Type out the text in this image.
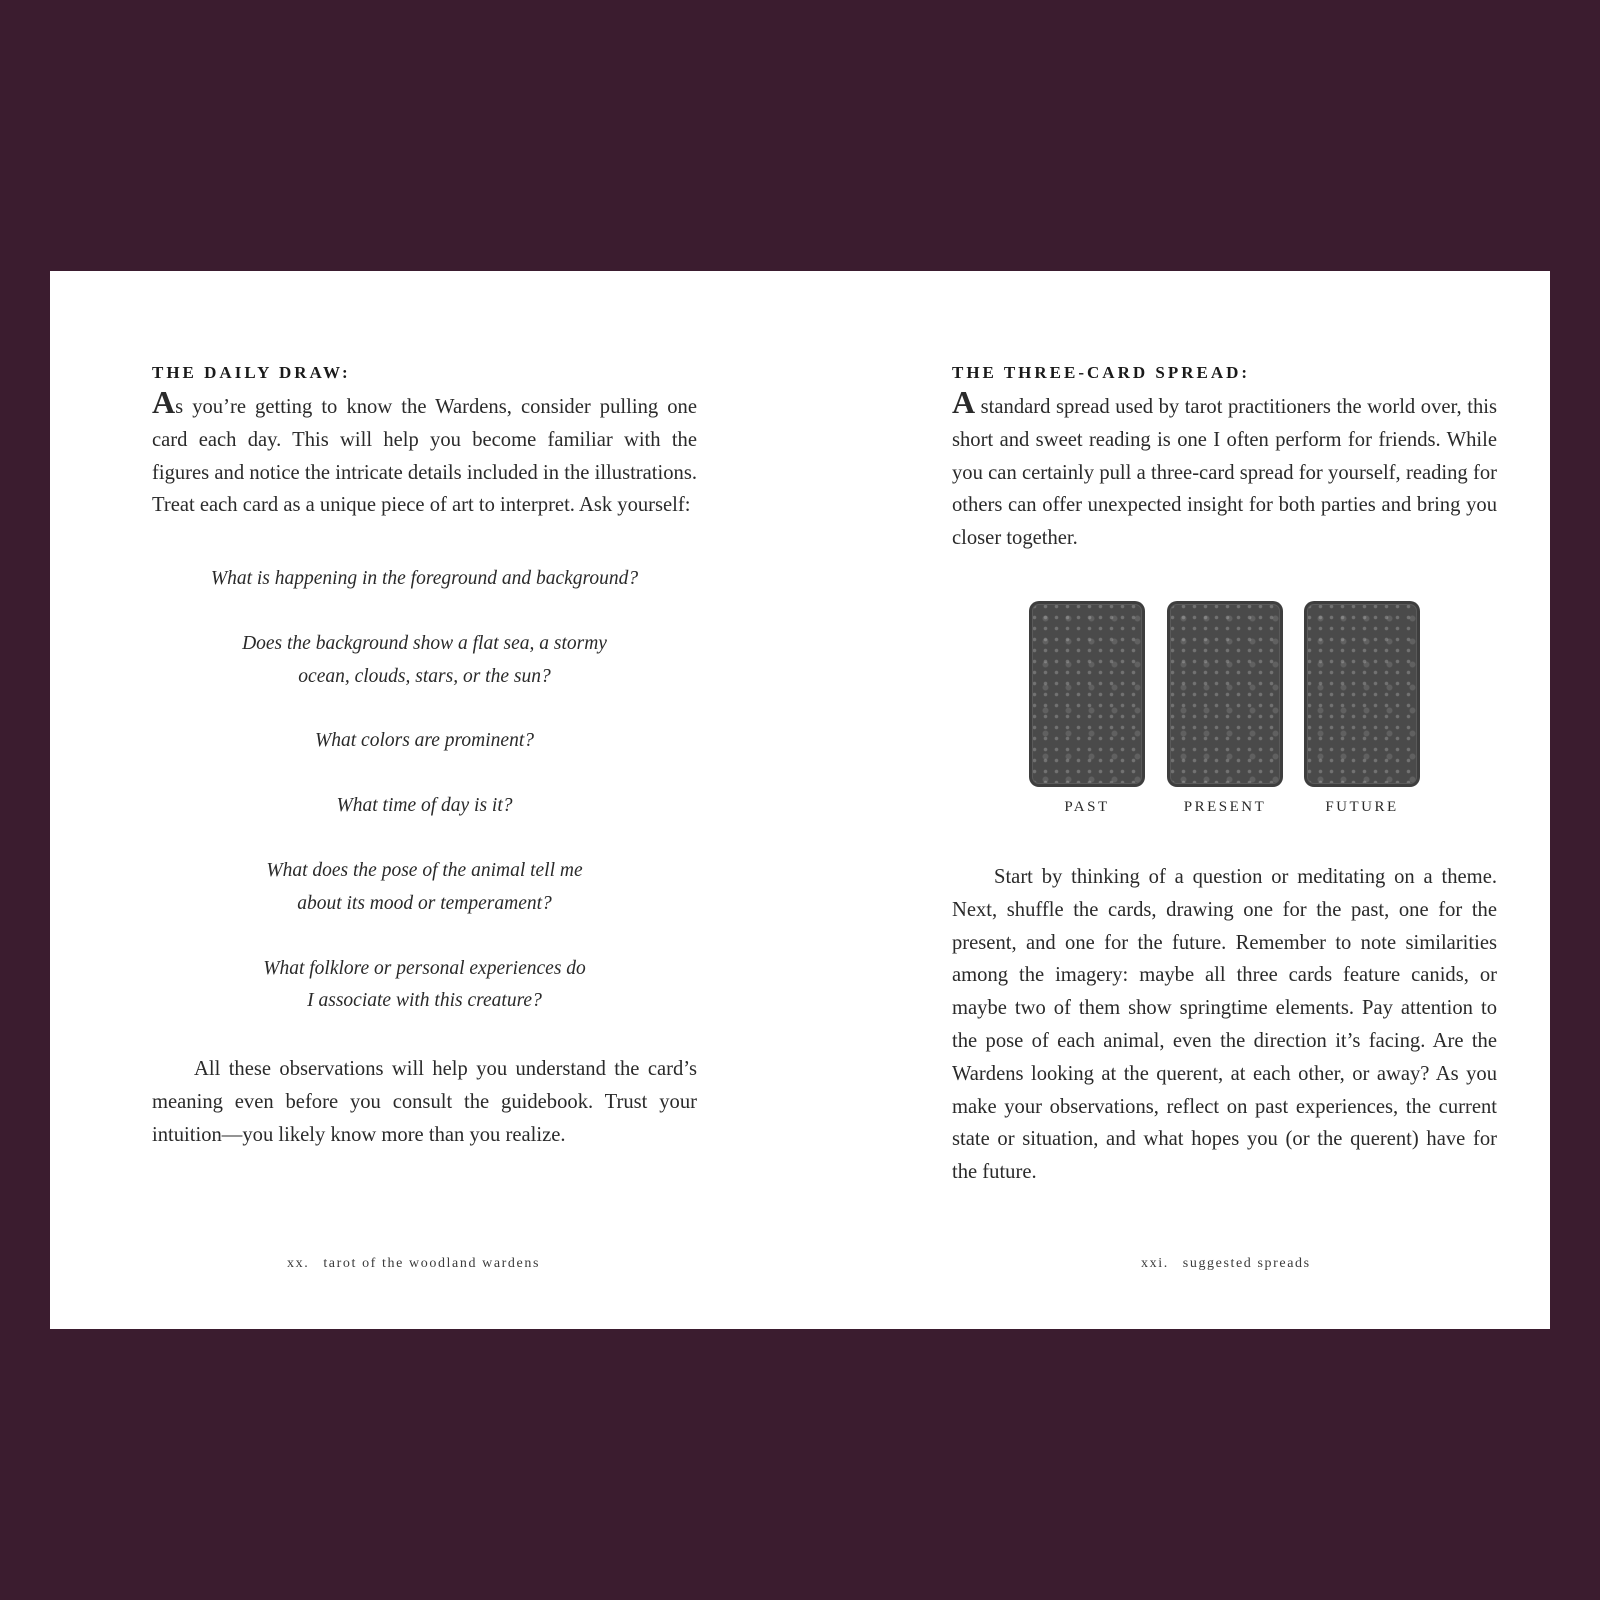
THE DAILY DRAW:

As you’re getting to know the Wardens, consider pulling one card each day. This will help you become familiar with the figures and notice the intricate details included in the illustrations. Treat each card as a unique piece of art to interpret. Ask yourself:

What is happening in the foreground and background?
Does the background show a flat sea, a stormy
ocean, clouds, stars, or the sun?
What colors are prominent?
What time of day is it?
What does the pose of the animal tell me
about its mood or temperament?
What folklore or personal experiences do
I associate with this creature?

All these observations will help you understand the card’s meaning even before you consult the guidebook. Trust your intuition—you likely know more than you realize.

xx. tarot of the woodland wardens

THE THREE-CARD SPREAD:

A standard spread used by tarot practitioners the world over, this short and sweet reading is one I often perform for friends. While you can certainly pull a three-card spread for yourself, reading for others can offer unexpected insight for both parties and bring you closer together.

PAST	PRESENT	FUTURE

Start by thinking of a question or meditating on a theme. Next, shuffle the cards, drawing one for the past, one for the present, and one for the future. Remember to note similarities among the imagery: maybe all three cards feature canids, or maybe two of them show springtime elements. Pay attention to the pose of each animal, even the direction it’s facing. Are the Wardens looking at the querent, at each other, or away? As you make your observations, reflect on past experiences, the current state or situation, and what hopes you (or the querent) have for the future.

xxi. suggested spreads
